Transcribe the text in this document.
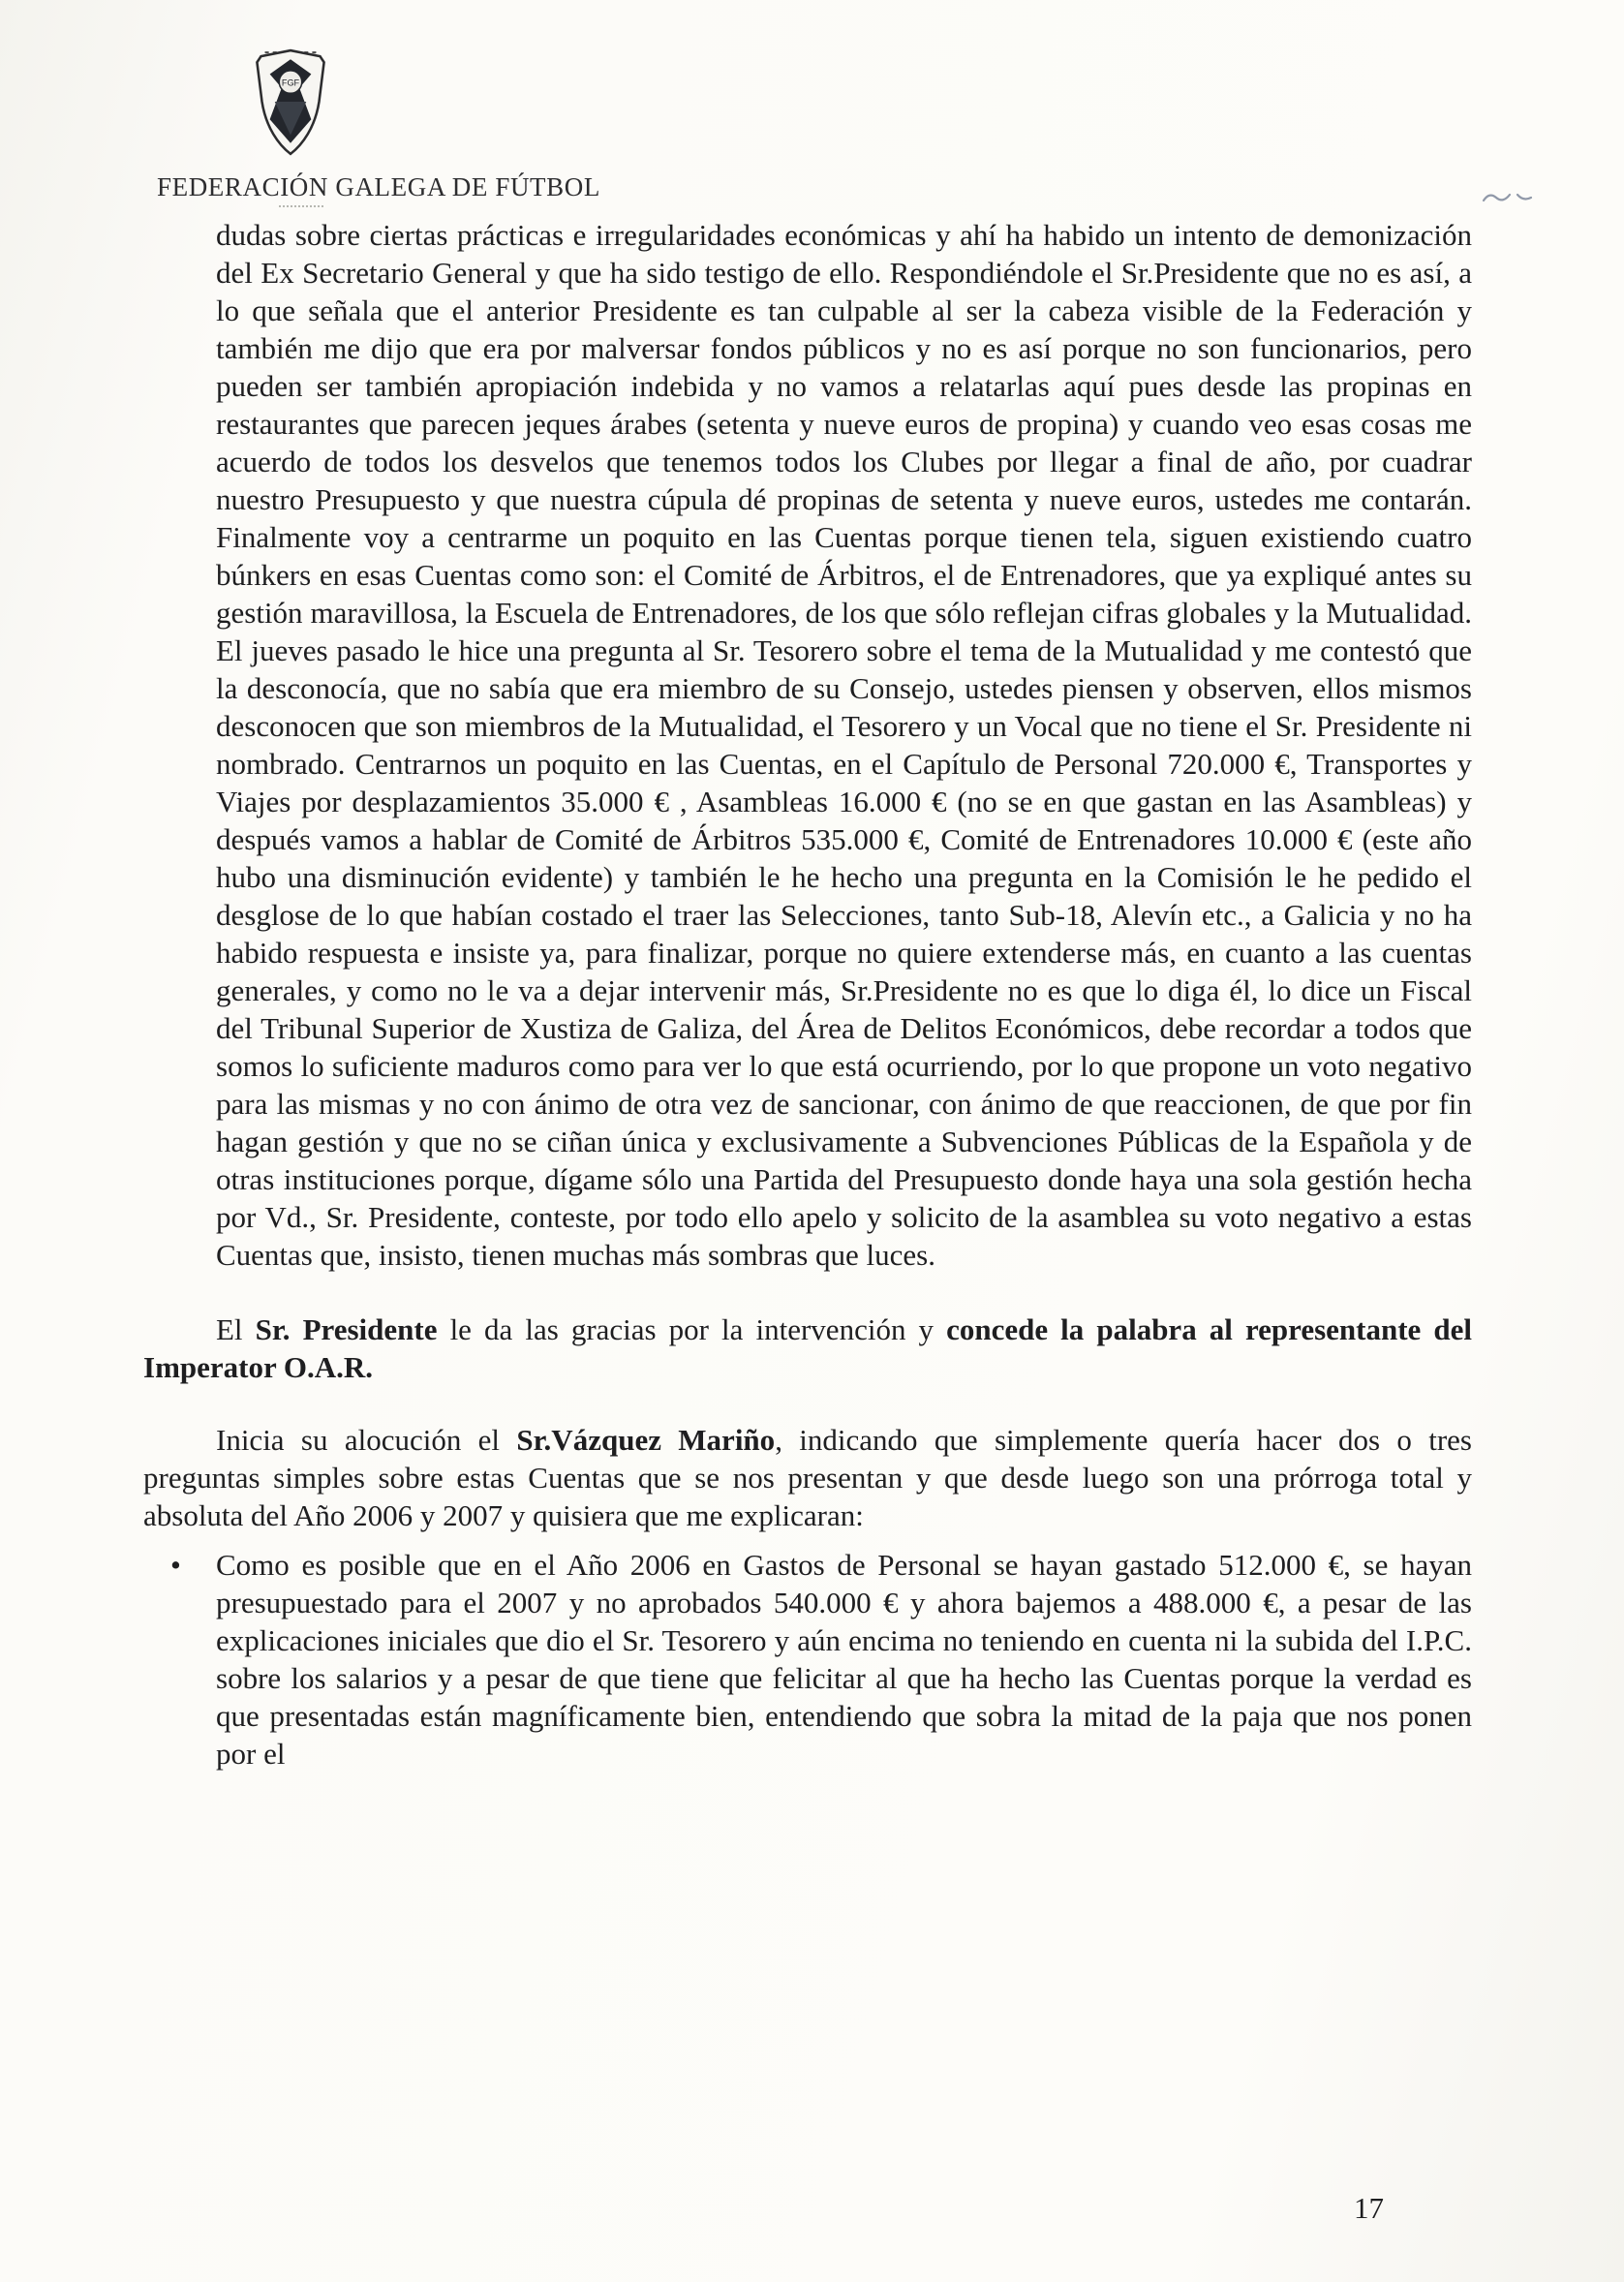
FGF
FEDERACIÓN GALEGA DE FÚTBOL

dudas sobre ciertas prácticas e irregularidades económicas y ahí ha habido un intento de demonización del Ex Secretario General y que ha sido testigo de ello. Respondiéndole el Sr.Presidente que no es así, a lo que señala que el anterior Presidente es tan culpable al ser la cabeza visible de la Federación y también me dijo que era por malversar fondos públicos y no es así porque no son funcionarios, pero pueden ser también apropiación indebida y no vamos a relatarlas aquí pues desde las propinas en restaurantes que parecen jeques árabes (setenta y nueve euros de propina) y cuando veo esas cosas me acuerdo de todos los desvelos que tenemos todos los Clubes por llegar a final de año, por cuadrar nuestro Presupuesto y que nuestra cúpula dé propinas de setenta y nueve euros, ustedes me contarán. Finalmente voy a centrarme un poquito en las Cuentas porque tienen tela, siguen existiendo cuatro búnkers en esas Cuentas como son: el Comité de Árbitros, el de Entrenadores, que ya expliqué antes su gestión maravillosa, la Escuela de Entrenadores, de los que sólo reflejan cifras globales y la Mutualidad. El jueves pasado le hice una pregunta al Sr. Tesorero sobre el tema de la Mutualidad y me contestó que la desconocía, que no sabía que era miembro de su Consejo, ustedes piensen y observen, ellos mismos desconocen que son miembros de la Mutualidad, el Tesorero y un Vocal que no tiene el Sr. Presidente ni nombrado. Centrarnos un poquito en las Cuentas, en el Capítulo de Personal 720.000 €, Transportes y Viajes por desplazamientos 35.000 € , Asambleas 16.000 € (no se en que gastan en las Asambleas) y después vamos a hablar de Comité de Árbitros 535.000 €, Comité de Entrenadores 10.000 € (este año hubo una disminución evidente) y también le he hecho una pregunta en la Comisión le he pedido el desglose de lo que habían costado el traer las Selecciones, tanto Sub-18, Alevín etc., a Galicia y no ha habido respuesta e insiste ya, para finalizar, porque no quiere extenderse más, en cuanto a las cuentas generales, y como no le va a dejar intervenir más, Sr.Presidente no es que lo diga él, lo dice un Fiscal del Tribunal Superior de Xustiza de Galiza, del Área de Delitos Económicos, debe recordar a todos que somos lo suficiente maduros como para ver lo que está ocurriendo, por lo que propone un voto negativo para las mismas y no con ánimo de otra vez de sancionar, con ánimo de que reaccionen, de que por fin hagan gestión y que no se ciñan única y exclusivamente a Subvenciones Públicas de la Española y de otras instituciones porque, dígame sólo una Partida del Presupuesto donde haya una sola gestión hecha por Vd., Sr. Presidente, conteste, por todo ello apelo y solicito de la asamblea su voto negativo a estas Cuentas que, insisto, tienen muchas más sombras que luces.

El Sr. Presidente le da las gracias por la intervención y concede la palabra al representante del Imperator O.A.R.

Inicia su alocución el Sr.Vázquez Mariño, indicando que simplemente quería hacer dos o tres preguntas simples sobre estas Cuentas que se nos presentan y que desde luego son una prórroga total y absoluta del Año 2006 y 2007 y quisiera que me explicaran:

• Como es posible que en el Año 2006 en Gastos de Personal se hayan gastado 512.000 €, se hayan presupuestado para el 2007 y no aprobados 540.000 € y ahora bajemos a 488.000 €, a pesar de las explicaciones iniciales que dio el Sr. Tesorero y aún encima no teniendo en cuenta ni la subida del I.P.C. sobre los salarios y a pesar de que tiene que felicitar al que ha hecho las Cuentas porque la verdad es que presentadas están magníficamente bien, entendiendo que sobra la mitad de la paja que nos ponen por el
17
